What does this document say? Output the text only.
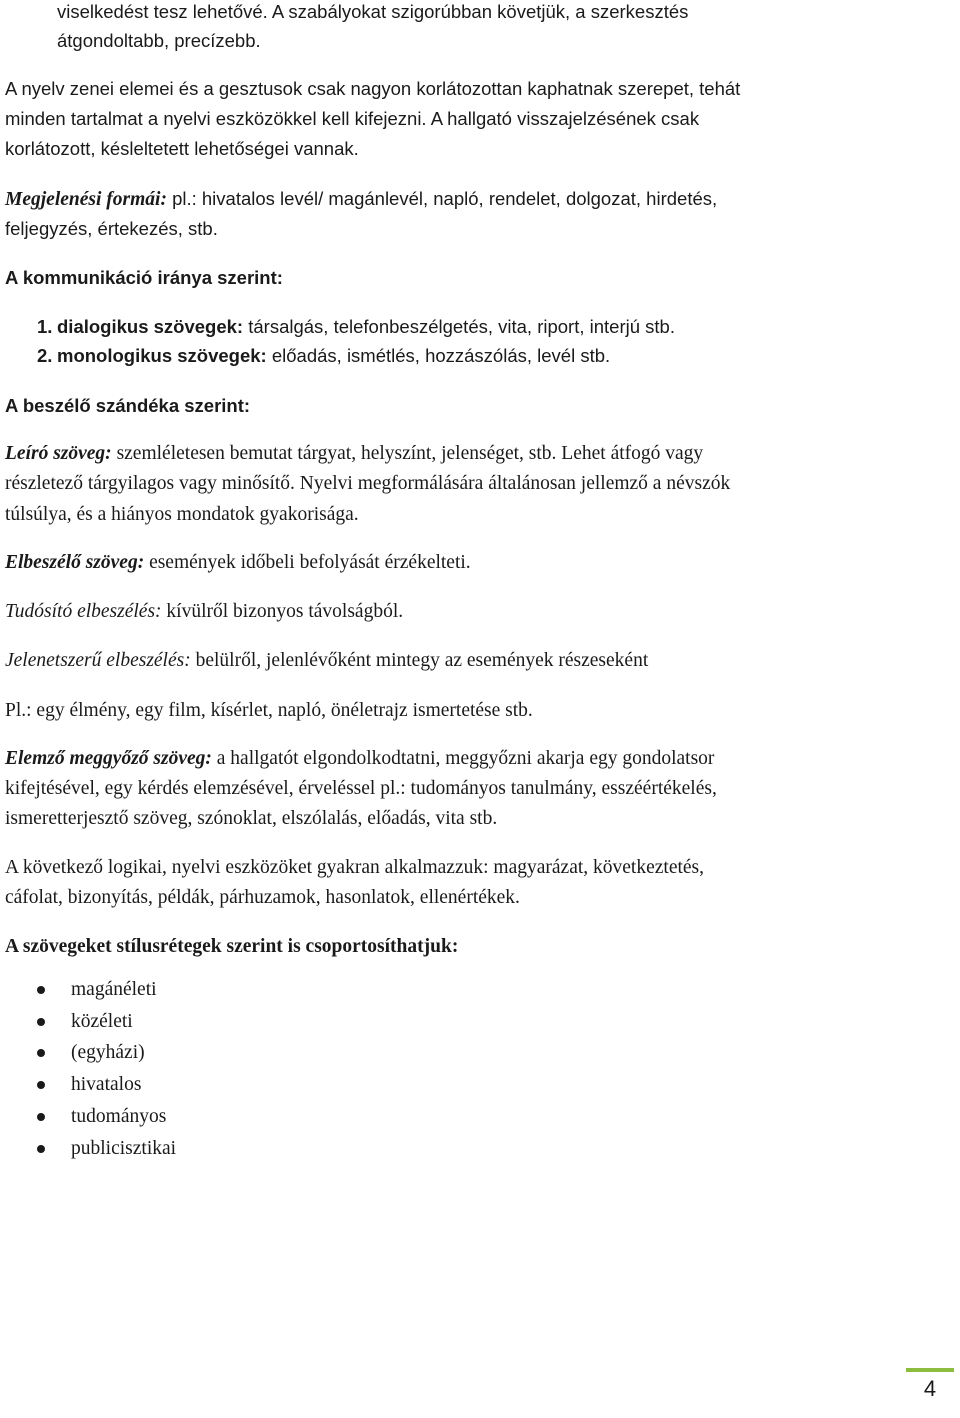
viselkedést tesz lehetővé. A szabályokat szigorúbban követjük, a szerkesztés
átgondoltabb, precízebb.
A nyelv zenei elemei és a gesztusok csak nagyon korlátozottan kaphatnak szerepet, tehát
minden tartalmat a nyelvi eszközökkel kell kifejezni. A hallgató visszajelzésének csak
korlátozott, késleltetett lehetőségei vannak.
Megjelenési formái: pl.: hivatalos levél/ magánlevél, napló, rendelet, dolgozat, hirdetés,
feljegyzés, értekezés, stb.
A kommunikáció iránya szerint:
1. dialogikus szövegek: társalgás, telefonbeszélgetés, vita, riport, interjú stb.
2. monologikus szövegek: előadás, ismétlés, hozzászólás, levél stb.
A beszélő szándéka szerint:
Leíró szöveg: szemléletesen bemutat tárgyat, helyszínt, jelenséget, stb. Lehet átfogó vagy
részletező tárgyilagos vagy minősítő. Nyelvi megformálására általánosan jellemző a névszók
túlsúlya, és a hiányos mondatok gyakorisága.
Elbeszélő szöveg: események időbeli befolyását érzékelteti.
Tudósító elbeszélés: kívülről bizonyos távolságból.
Jelenetszerű elbeszélés: belülről, jelenlévőként mintegy az események részeseként
Pl.: egy élmény, egy film, kísérlet, napló, önéletrajz ismertetése stb.
Elemző meggyőző szöveg: a hallgatót elgondolkodtatni, meggyőzni akarja egy gondolatsor
kifejtésével, egy kérdés elemzésével, érveléssel pl.: tudományos tanulmány, esszéértékelés,
ismeretterjesztő szöveg, szónoklat, elszólalás, előadás, vita stb.
A következő logikai, nyelvi eszközöket gyakran alkalmazzuk: magyarázat, következtetés,
cáfolat, bizonyítás, példák, párhuzamok, hasonlatok, ellenértékek.
A szövegeket stílusrétegek szerint is csoportosíthatjuk:
magánéleti
közéleti
(egyházi)
hivatalos
tudományos
publicisztikai
4
